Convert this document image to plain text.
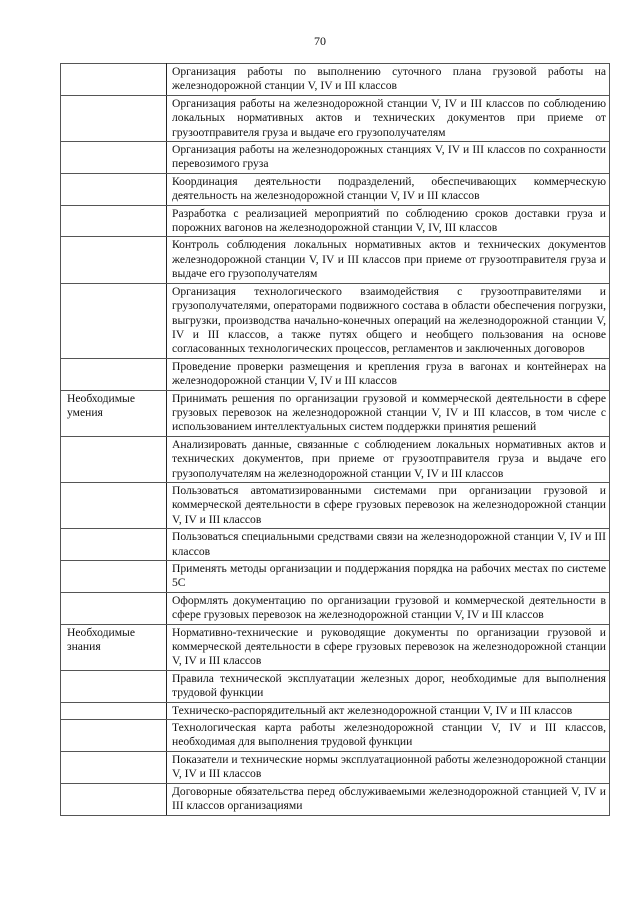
70
	Организация работы по выполнению суточного плана грузовой работы на железнодорожной станции V, IV и III классов
	Организация работы на железнодорожной станции V, IV и III классов по соблюдению локальных нормативных актов и технических документов при приеме от грузоотправителя груза и выдаче его грузополучателям
	Организация работы на железнодорожных станциях V, IV и III классов по сохранности перевозимого груза
	Координация деятельности подразделений, обеспечивающих коммерческую деятельность на железнодорожной станции V, IV и III классов
	Разработка с реализацией мероприятий по соблюдению сроков доставки груза и порожних вагонов на железнодорожной станции V, IV, III классов
	Контроль соблюдения локальных нормативных актов и технических документов железнодорожной станции V, IV и III классов при приеме от грузоотправителя груза и выдаче его грузополучателям
	Организация технологического взаимодействия с грузоотправителями и грузополучателями, операторами подвижного состава в области обеспечения погрузки, выгрузки, производства начально-конечных операций на железнодорожной станции V, IV и III классов, а также путях общего и необщего пользования на основе согласованных технологических процессов, регламентов и заключенных договоров
	Проведение проверки размещения и крепления груза в вагонах и контейнерах на железнодорожной станции V, IV и III классов
Необходимые умения	Принимать решения по организации грузовой и коммерческой деятельности в сфере грузовых перевозок на железнодорожной станции V, IV и III классов, в том числе с использованием интеллектуальных систем поддержки принятия решений
	Анализировать данные, связанные с соблюдением локальных нормативных актов и технических документов, при приеме от грузоотправителя груза и выдаче его грузополучателям на железнодорожной станции V, IV и III классов
	Пользоваться автоматизированными системами при организации грузовой и коммерческой деятельности в сфере грузовых перевозок на железнодорожной станции V, IV и III классов
	Пользоваться специальными средствами связи на железнодорожной станции V, IV и III классов
	Применять методы организации и поддержания порядка на рабочих местах по системе 5С
	Оформлять документацию по организации грузовой и коммерческой деятельности в сфере грузовых перевозок на железнодорожной станции V, IV и III классов
Необходимые знания	Нормативно-технические и руководящие документы по организации грузовой и коммерческой деятельности в сфере грузовых перевозок на железнодорожной станции V, IV и III классов
	Правила технической эксплуатации железных дорог, необходимые для выполнения трудовой функции
	Техническо-распорядительный акт железнодорожной станции V, IV и III классов
	Технологическая карта работы железнодорожной станции V, IV и III классов, необходимая для выполнения трудовой функции
	Показатели и технические нормы эксплуатационной работы железнодорожной станции V, IV и III классов
	Договорные обязательства перед обслуживаемыми железнодорожной станцией V, IV и III классов организациями
